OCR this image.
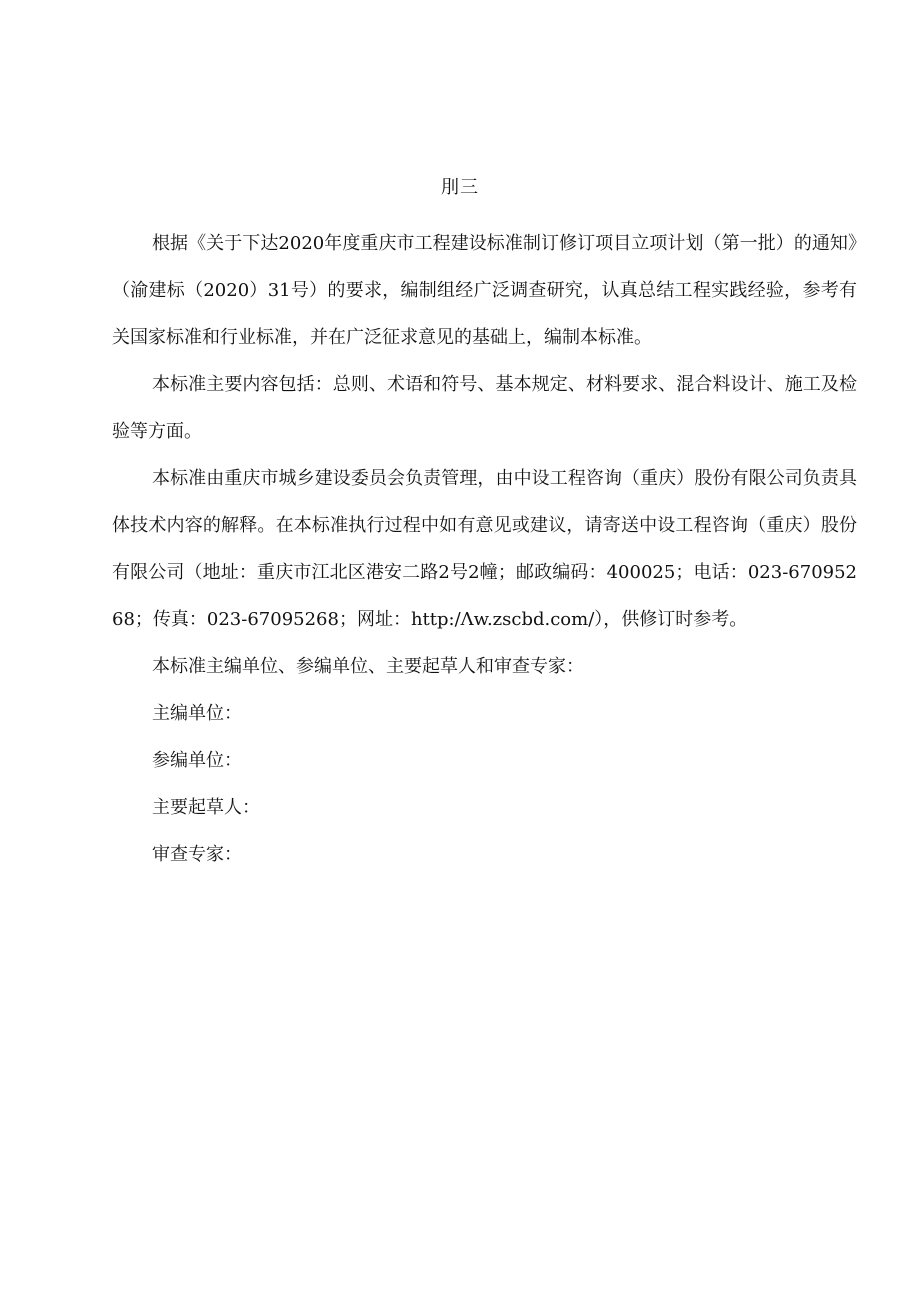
刖三

根据《关于下达2020年度重庆市工程建设标准制订修订项目立项计划（第一批）的通知》（渝建标（2020）31号）的要求，编制组经广泛调查研究，认真总结工程实践经验，参考有关国家标准和行业标准，并在广泛征求意见的基础上，编制本标准。

本标准主要内容包括：总则、术语和符号、基本规定、材料要求、混合料设计、施工及检验等方面。

本标准由重庆市城乡建设委员会负责管理，由中设工程咨询（重庆）股份有限公司负责具体技术内容的解释。在本标准执行过程中如有意见或建议，请寄送中设工程咨询（重庆）股份有限公司（地址：重庆市江北区港安二路2号2幢；邮政编码：400025；电话：023-67095268；传真：023-67095268；网址：http:/Λw.zscbd.com/），供修订时参考。

本标准主编单位、参编单位、主要起草人和审查专家：

主编单位：

参编单位：

主要起草人：

审查专家：
